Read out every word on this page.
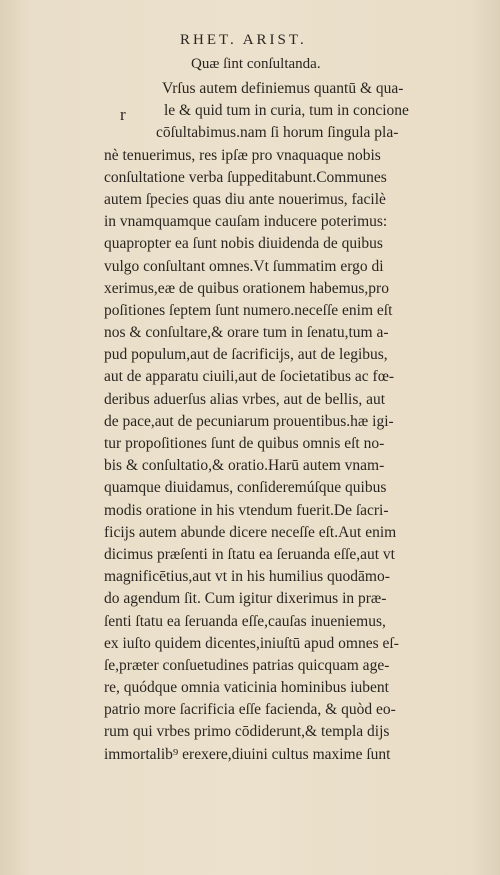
RHET. ARIST.
Quæ ſint conſultanda.
r
Vrſus autem definiemus quantū & qua-
le & quid tum in curia, tum in concione
cōſultabimus.nam ſi horum ſingula pla-
nè tenuerimus, res ipſæ pro vnaquaque nobis
conſultatione verba ſuppeditabunt.Communes
autem ſpecies quas diu ante nouerimus, facilè
in vnamquamque cauſam inducere poterimus:
quapropter ea ſunt nobis diuidenda de quibus
vulgo conſultant omnes.Vt ſummatim ergo di
xerimus,eæ de quibus orationem habemus,pro
poſitiones ſeptem ſunt numero.neceſſe enim eſt
nos & conſultare,& orare tum in ſenatu,tum a-
pud populum,aut de ſacrificijs, aut de legibus,
aut de apparatu ciuili,aut de ſocietatibus ac fœ-
deribus aduerſus alias vrbes, aut de bellis, aut
de pace,aut de pecuniarum prouentibus.hæ igi-
tur propoſitiones ſunt de quibus omnis eſt no-
bis & conſultatio,& oratio.Harū autem vnam-
quamque diuidamus, conſideremúſque quibus
modis oratione in his vtendum fuerit.De ſacri-
ficijs autem abunde dicere neceſſe eſt.Aut enim
dicimus præſenti in ſtatu ea ſeruanda eſſe,aut vt
magnificētius,aut vt in his humilius quodāmo-
do agendum ſit. Cum igitur dixerimus in præ-
ſenti ſtatu ea ſeruanda eſſe,cauſas inueniemus,
ex iuſto quidem dicentes,iniuſtū apud omnes eſ-
ſe,præter conſuetudines patrias quicquam age-
re, quódque omnia vaticinia hominibus iubent
patrio more ſacrificia eſſe facienda, & quòd eo-
rum qui vrbes primo cōdiderunt,& templa dijs
immortalib⁹ erexere,diuini cultus maxime ſunt
